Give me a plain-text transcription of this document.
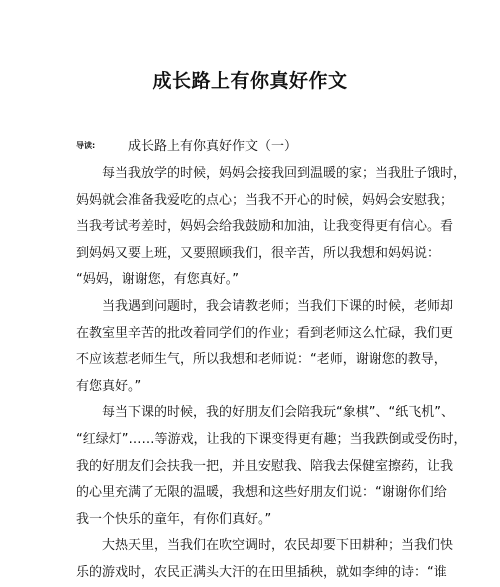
成长路上有你真好作文
导读:	成长路上有你真好作文（一）
　　每当我放学的时候，妈妈会接我回到温暖的家；当我肚子饿时，
妈妈就会准备我爱吃的点心；当我不开心的时候，妈妈会安慰我；
当我考试考差时，妈妈会给我鼓励和加油，让我变得更有信心。看
到妈妈又要上班，又要照顾我们，很辛苦，所以我想和妈妈说：
“妈妈，谢谢您，有您真好。”
　　当我遇到问题时，我会请教老师；当我们下课的时候，老师却
在教室里辛苦的批改着同学们的作业；看到老师这么忙碌，我们更
不应该惹老师生气，所以我想和老师说：“老师，谢谢您的教导，
有您真好。”
　　每当下课的时候，我的好朋友们会陪我玩“象棋”、“纸飞机”、
“红绿灯”……等游戏，让我的下课变得更有趣；当我跌倒或受伤时，
我的好朋友们会扶我一把，并且安慰我、陪我去保健室擦药，让我
的心里充满了无限的温暖，我想和这些好朋友们说：“谢谢你们给
我一个快乐的童年，有你们真好。”
　　大热天里，当我们在吹空调时，农民却要下田耕种；当我们快
乐的游戏时，农民正满头大汗的在田里插秧，就如李绅的诗：“谁
